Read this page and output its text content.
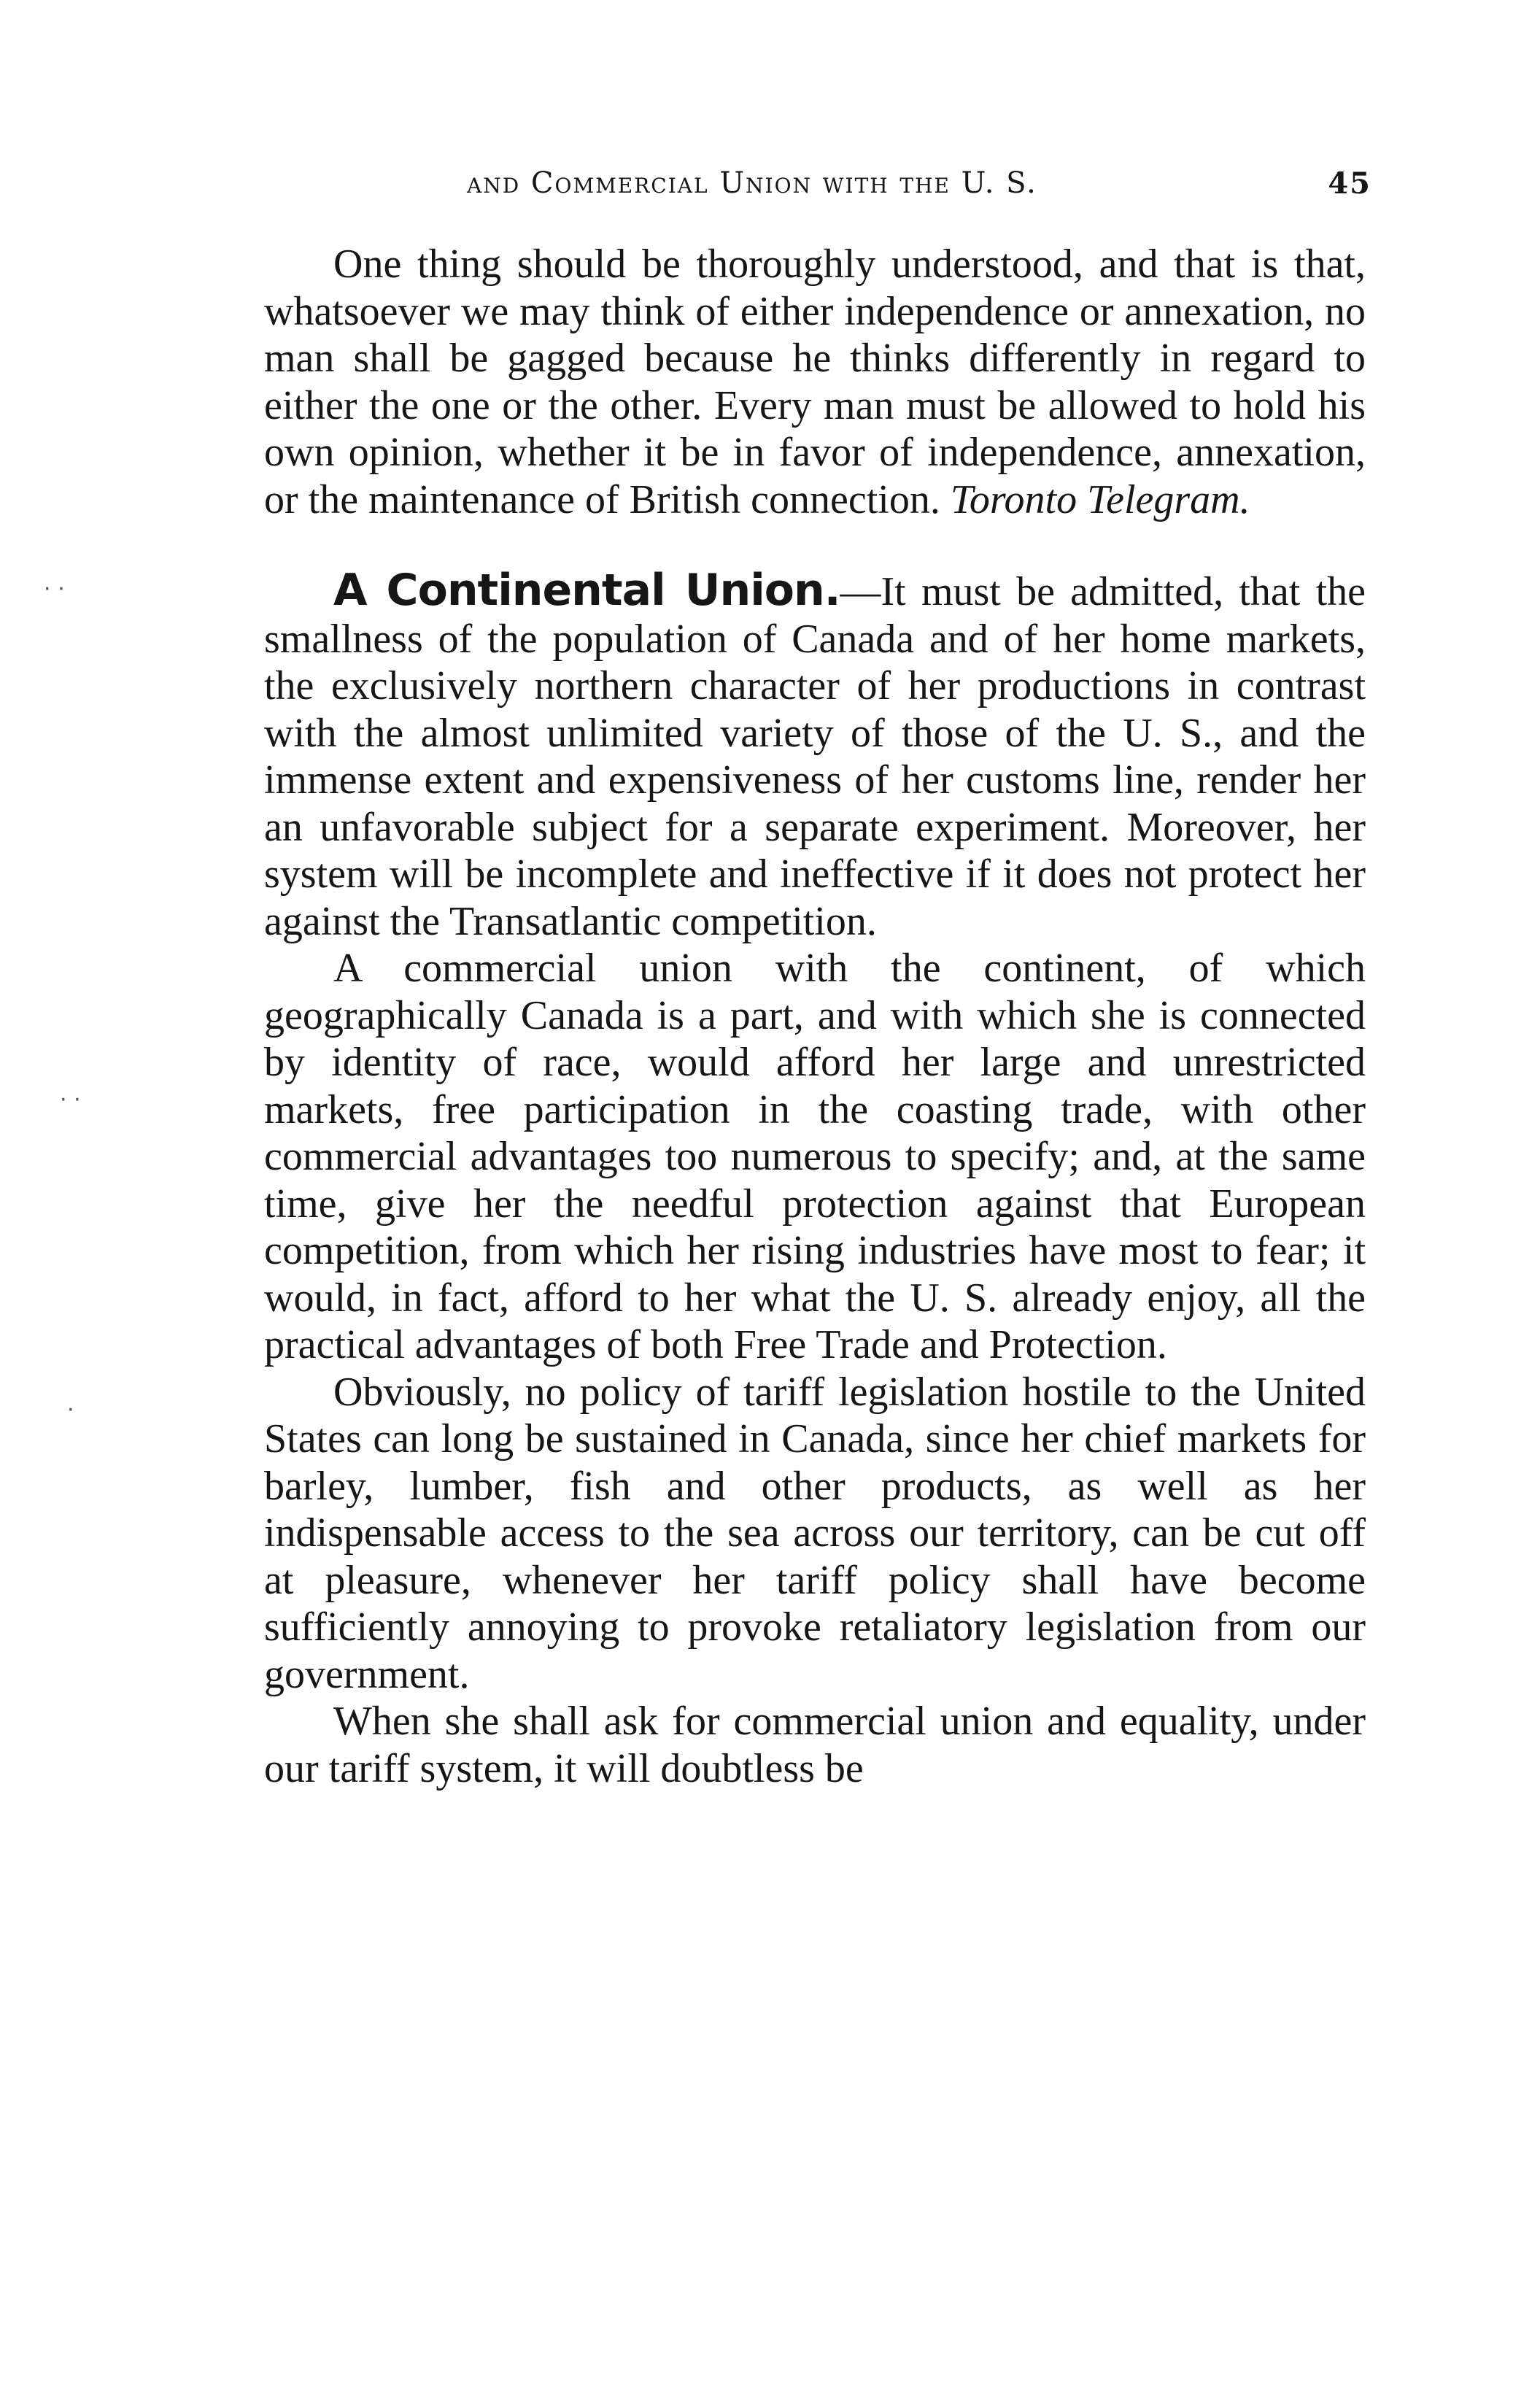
and Commercial Union with the U. S.	45
· ·
· ·
·

One thing should be thoroughly understood, and that is that, whatsoever we may think of either independence or annexation, no man shall be gagged because he thinks differently in regard to either the one or the other. Every man must be allowed to hold his own opinion, whether it be in favor of independence, annexation, or the maintenance of British connection. Toronto Telegram.

A Continental Union.—It must be admitted, that the smallness of the population of Canada and of her home markets, the exclusively northern character of her productions in contrast with the almost unlimited variety of those of the U. S., and the immense extent and expensiveness of her customs line, render her an unfavorable subject for a separate experiment. Moreover, her system will be incomplete and ineffective if it does not protect her against the Transatlantic competition.

A commercial union with the continent, of which geographically Canada is a part, and with which she is connected by identity of race, would afford her large and unrestricted markets, free participation in the coasting trade, with other commercial advantages too numerous to specify; and, at the same time, give her the needful protection against that European competition, from which her rising industries have most to fear; it would, in fact, afford to her what the U. S. already enjoy, all the practical advantages of both Free Trade and Protection.

Obviously, no policy of tariff legislation hostile to the United States can long be sustained in Canada, since her chief markets for barley, lumber, fish and other products, as well as her indispensable access to the sea across our territory, can be cut off at pleasure, whenever her tariff policy shall have become sufficiently annoying to provoke retaliatory legislation from our government.

When she shall ask for commercial union and equality, under our tariff system, it will doubtless be
